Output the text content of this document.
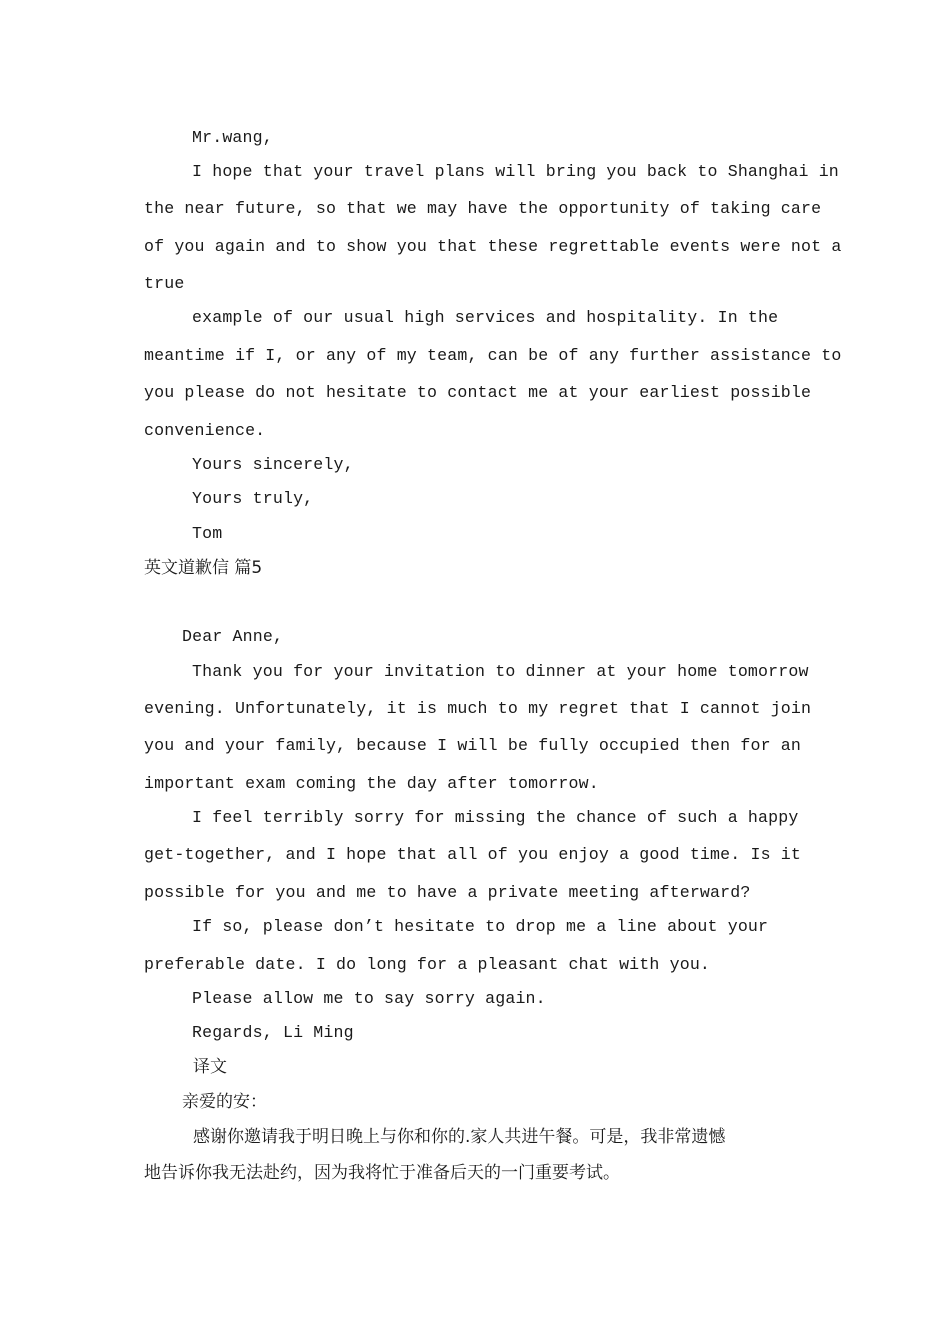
Mr.wang,
I hope that your travel plans will bring you back to Shanghai in
the near future, so that we may have the opportunity of taking care
of you again and to show you that these regrettable events were not a
true
example of our usual high services and hospitality. In the
meantime if I, or any of my team, can be of any further assistance to
you please do not hesitate to contact me at your earliest possible
convenience.
Yours sincerely,
Yours truly,
Tom
英文道歉信 篇5
Dear Anne,
Thank you for your invitation to dinner at your home tomorrow
evening. Unfortunately, it is much to my regret that I cannot join
you and your family, because I will be fully occupied then for an
important exam coming the day after tomorrow.
I feel terribly sorry for missing the chance of such a happy
get-together, and I hope that all of you enjoy a good time. Is it
possible for you and me to have a private meeting afterward?
If so, please don’t hesitate to drop me a line about your
preferable date. I do long for a pleasant chat with you.
Please allow me to say sorry again.
Regards, Li Ming
译文
亲爱的安：
感谢你邀请我于明日晚上与你和你的.家人共进午餐。可是，我非常遗憾
地告诉你我无法赴约，因为我将忙于准备后天的一门重要考试。
